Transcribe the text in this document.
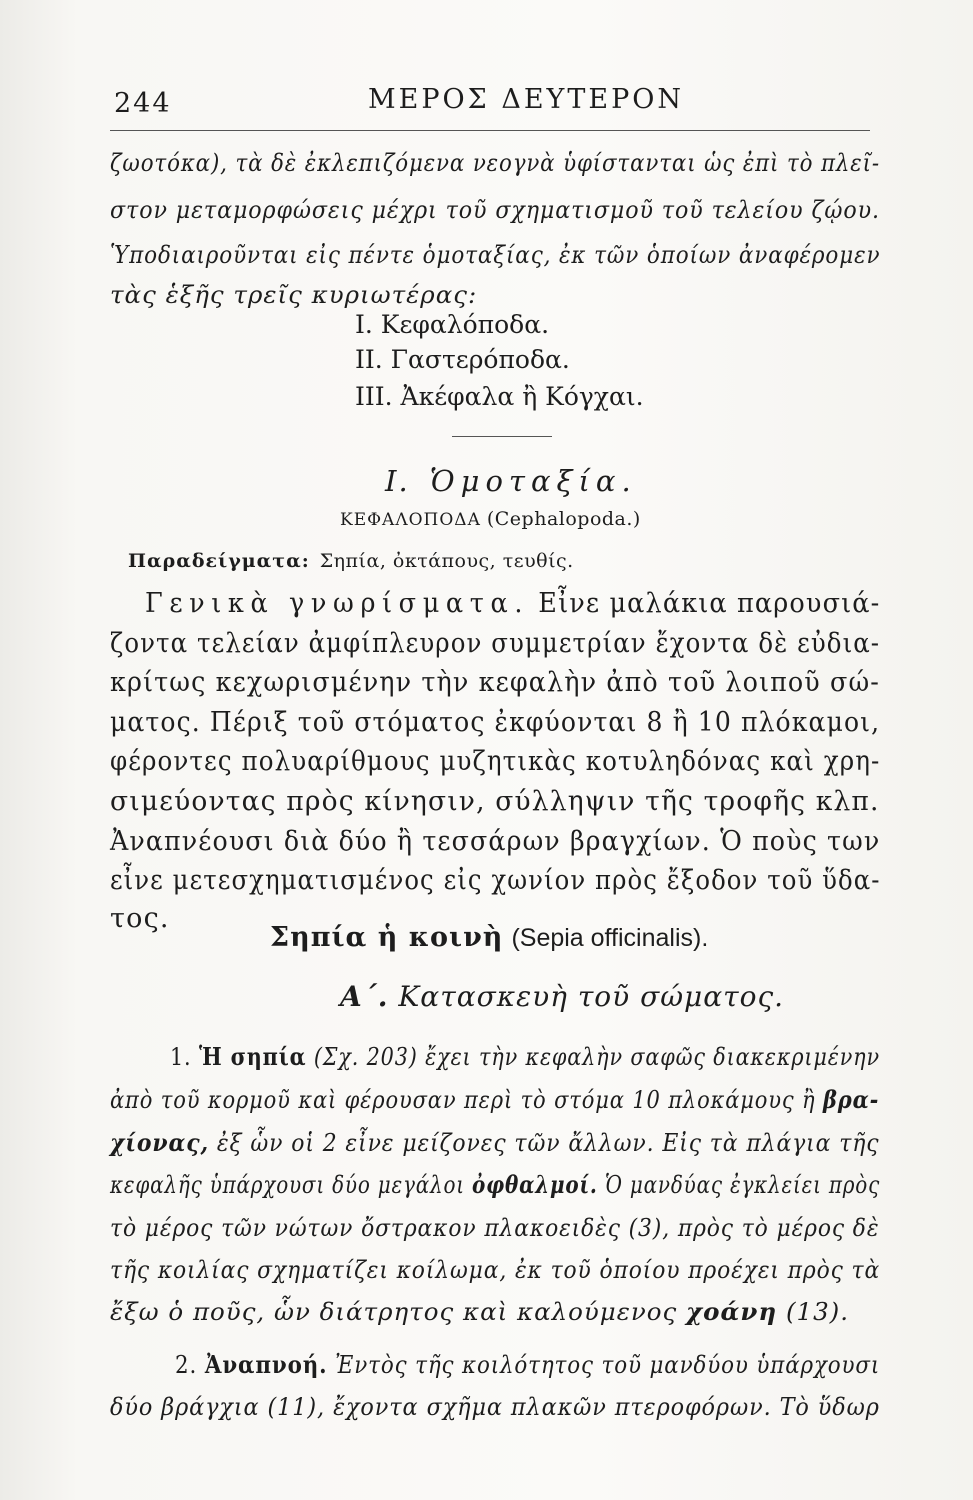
244	ΜΕΡΟΣ ΔΕΥΤΕΡΟΝ
ζωοτόκα), τὰ δὲ ἐκλεπιζόμενα νεογνὰ ὑφίστανται ὡς ἐπὶ τὸ πλεῖ-
στον μεταμορφώσεις μέχρι τοῦ σχηματισμοῦ τοῦ τελείου ζῴου.
Ὑποδιαιροῦνται εἰς πέντε ὁμοταξίας, ἐκ τῶν ὁποίων ἀναφέρομεν
τὰς ἑξῆς τρεῖς κυριωτέρας:
I. Κεφαλόποδα.
II. Γαστερόποδα.
III. Ἀκέφαλα ἢ Κόγχαι.
I. Ὁμοταξία.
ΚΕΦΑΛΟΠΟΔΑ (Cephalopoda.)
Παραδείγματα: Σηπία, ὀκτάπους, τευθίς.
Γενικὰ γνωρίσματα. Εἶνε μαλάκια παρουσιά-
ζοντα τελείαν ἀμφίπλευρον συμμετρίαν ἔχοντα δὲ εὐδια-
κρίτως κεχωρισμένην τὴν κεφαλὴν ἀπὸ τοῦ λοιποῦ σώ-
ματος. Πέριξ τοῦ στόματος ἐκφύονται 8 ἢ 10 πλόκαμοι,
φέροντες πολυαρίθμους μυζητικὰς κοτυληδόνας καὶ χρη-
σιμεύοντας πρὸς κίνησιν, σύλληψιν τῆς τροφῆς κλπ.
Ἀναπνέουσι διὰ δύο ἢ τεσσάρων βραγχίων. Ὁ ποὺς των
εἶνε μετεσχηματισμένος εἰς χωνίον πρὸς ἔξοδον τοῦ ὕδα-
τος.
Σηπία ἡ κοινὴ (Sepia officinalis).
Α΄. Κατασκευὴ τοῦ σώματος.
1. Ἡ σηπία (Σχ. 203) ἔχει τὴν κεφαλὴν σαφῶς διακεκριμένην
ἀπὸ τοῦ κορμοῦ καὶ φέρουσαν περὶ τὸ στόμα 10 πλοκάμους ἢ βρα-
χίονας, ἐξ ὧν οἱ 2 εἶνε μείζονες τῶν ἄλλων. Εἰς τὰ πλάγια τῆς
κεφαλῆς ὑπάρχουσι δύο μεγάλοι ὀφθαλμοί. Ὁ μανδύας ἐγκλείει πρὸς
τὸ μέρος τῶν νώτων ὄστρακον πλακοειδὲς (3), πρὸς τὸ μέρος δὲ
τῆς κοιλίας σχηματίζει κοίλωμα, ἐκ τοῦ ὁποίου προέχει πρὸς τὰ
ἔξω ὁ ποῦς, ὧν διάτρητος καὶ καλούμενος χοάνη (13).
2. Ἀναπνοή. Ἐντὸς τῆς κοιλότητος τοῦ μανδύου ὑπάρχουσι
δύο βράγχια (11), ἔχοντα σχῆμα πλακῶν πτεροφόρων. Τὸ ὕδωρ
